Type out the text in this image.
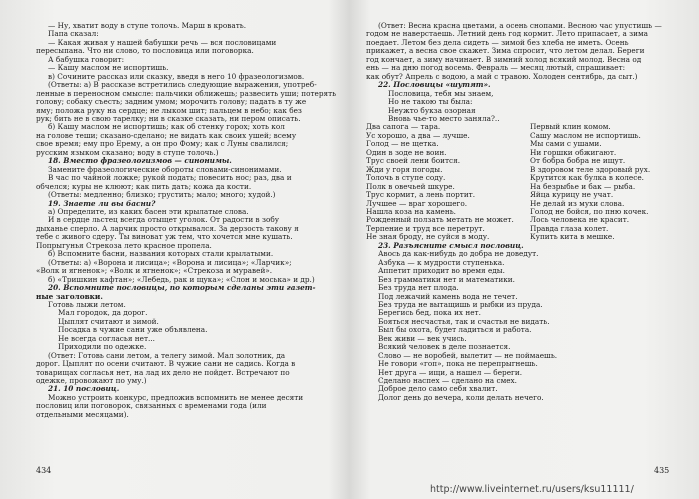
— Ну, хватит воду в ступе толочь. Марш в кровать.
Папа сказал:
— Какая живая у нашей бабушки речь — вся пословицами
пересыпана. Что ни слово, то пословица или поговорка.
А бабушка говорит:
— Кашу маслом не испортишь.
в) Сочините рассказ или сказку, введя в него 10 фразеологизмов.
(Ответы: а) В рассказе встретились следующие выражения, употреб-
ленные в переносном смысле: пальчики оближешь; развесить уши; потерять
голову; собаку съесть; задним умом; морочить голову; падать в ту же
яму; положа руку на сердце; не лыком шит; пальцем в небо; как без
рук; бить не в свою тарелку; ни в сказке сказать, ни пером описать.
б) Кашу маслом не испортишь; как об стенку горох; хоть кол
на голове теши; сказано-сделано; не видать как своих ушей; всему
свое время; ему про Ерему, а он про Фому; как с Луны свалился;
русским языком сказано; воду в ступе толочь.)
18. Вместо фразеологизмов — синонимы.
Замените фразеологические обороты словами-синонимами.
В час по чайной ложке; рукой подать; повесить нос; раз, два и
обчелся; куры не клюют; как пить дать; кожа да кости.
(Ответы: медленно; близко; грустить; мало; много; худой.)
19. Знаете ли вы басни?
а) Определите, из каких басен эти крылатые слова.
И в сердце льстец всегда отыщет уголок. От радости в зобу
дыханье сперло. А ларчик просто открывался. За дерзость такову я
тебе с живого сдеру. Ты виноват уж тем, что хочется мне кушать.
Попрыгунья Стрекоза лето красное пропела.
б) Вспомните басни, названия которых стали крылатыми.
(Ответы: а) «Ворона и лисица»; «Ворона и лисица»; «Ларчик»;
«Волк и ягненок»; «Волк и ягненок»; «Стрекоза и муравей».
б) «Тришкин кафтан»; «Лебедь, рак и щука»; «Слон и моська» и др.)
20. Вспомните пословицы, по которым сделаны эти газет-
ные заголовки.
Готовь лыжи летом.
Мал городок, да дорог.
Цыплят считают и зимой.
Посадка в чужие сани уже объявлена.
Не всегда согласья нет...
Приходили по одежке.
(Ответ: Готовь сани летом, а телегу зимой. Мал золотник, да
дорог. Цыплят по осени считают. В чужие сани не садись. Когда в
товарищах согласья нет, на лад их дело не пойдет. Встречают по
одежке, провожают по уму.)
21. 10 пословиц.
Можно устроить конкурс, предложив вспомнить не менее десяти
пословиц или поговорок, связанных с временами года (или
отдельными месяцами).
434
(Ответ: Весна красна цветами, а осень снопами. Весною час упустишь —
годом не наверстаешь. Летний день год кормит. Лето припасает, а зима
поедает. Летом без дела сидеть — зимой без хлеба не иметь. Осень
прикажет, а весна свое скажет. Зима спросит, что летом делал. Береги
год кончает, а зиму начинает. В зимний холод всякий молод. Весна од
ень — на дню погод восемь. Февраль — месяц лютый, спрашивает:
как обут? Апрель с водою, а май с травою. Холоден сентябрь, да сыт.)
22. Пословицы «шутят».
Пословица, тебя мы знаем,
Но не такою ты была:
Неужто букза озорная
Вновь чье-то место заняла?..
Два сапога — тара.
Ус хорошо, а два — лучше.
Голод — не щетка.
Один в зоде не воин.
Трус своей лени боится.
Жди у горя погоды.
Толочь в ступе соду.
Полк в овечьей шкуре.
Трус кормит, а лень портит.
Лучшее — враг хорошего.
Нашла коза на камень.
Рожденный ползать метать не может.
Терпение и труд все перетрут.
Не зная броду, не суйся в моду.
Первый клин комом.
Сашу маслом не испортишь.
Мы сами с ушами.
Ни горшки обжигают.
От бобра бобра не ищут.
В здоровом теле здоровый рух.
Крутится как булка в колесе.
На безрыбье и бак — рыба.
Яйца курицу не учат.
Не делай из мухи слова.
Голод не бойся, по пню кочек.
Лось человека не красит.
Правда глаза колет.
Купить кита в мешке.
23. Разъясните смысл пословиц.
Авось да как-нибудь до добра не доведут.
Азбука — к мудрости ступенька.
Аппетит приходит во время еды.
Без грамматики нет и математики.
Без труда нет плода.
Под лежачий камень вода не течет.
Без труда не вытащишь и рыбки из пруда.
Берегись бед, пока их нет.
Бояться несчастья, так и счастья не видать.
Был бы охота, будет ладиться и работа.
Век живи — век учись.
Всякий человек в деле познается.
Слово — не воробей, вылетит — не поймаешь.
Не говори «гоп», пока не перепрыгнешь.
Нет друга — ищи, а нашел — береги.
Сделано наспех — сделано на смех.
Доброе дело само себя хвалит.
Долог день до вечера, коли делать нечего.
435
http://www.liveinternet.ru/users/ksu11111/
